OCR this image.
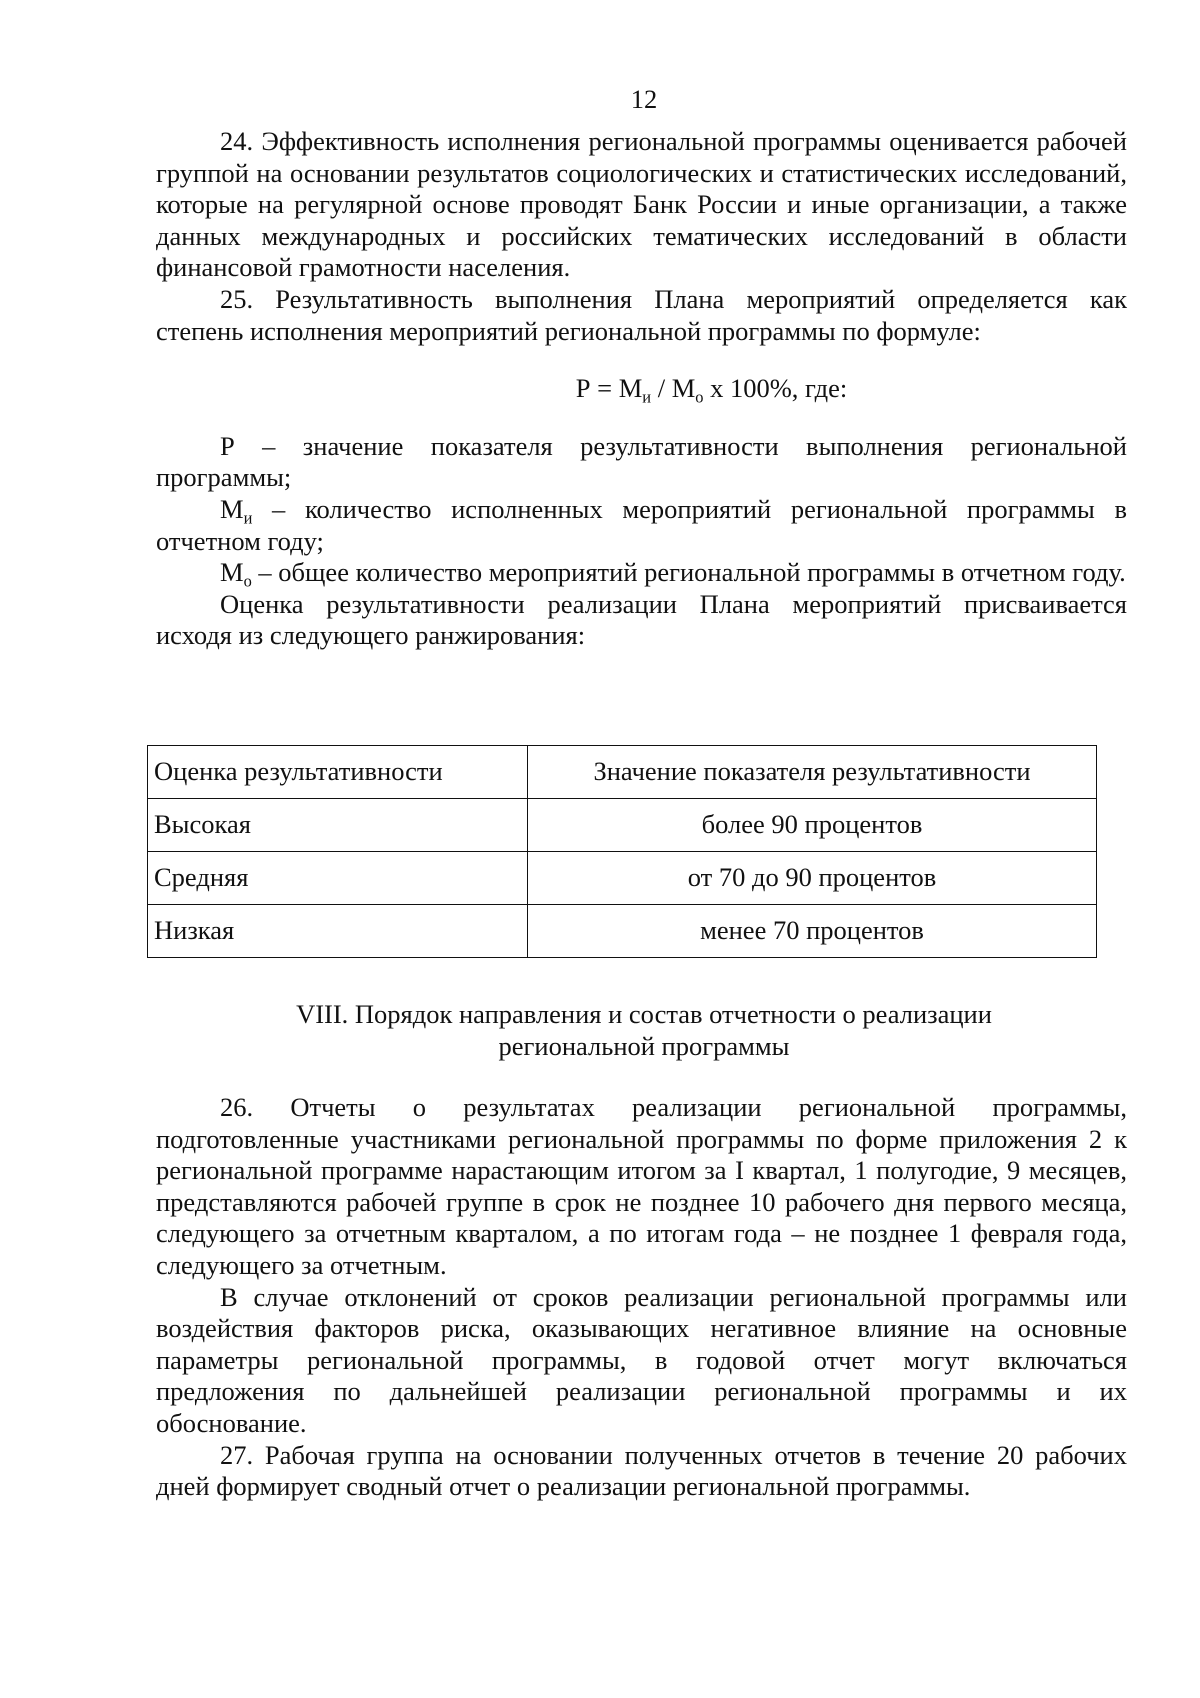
12

24. Эффективность исполнения региональной программы оценивается рабочей группой на основании результатов социологических и статистических исследований, которые на регулярной основе проводят Банк России и иные организации, а также данных международных и российских тематических исследований в области финансовой грамотности населения.

25. Результативность выполнения Плана мероприятий определяется как степень исполнения мероприятий региональной программы по формуле:

$Р = М_и / М_о$ х 100%, где:

Р – значение показателя результативности выполнения региональной программы;

$М_и$ – количество исполненных мероприятий региональной программы в отчетном году;

$М_о$ – общее количество мероприятий региональной программы в отчетном году.

Оценка результативности реализации Плана мероприятий присваивается исходя из следующего ранжирования:

Оценка результативности	Значение показателя результативности
Высокая	более 90 процентов
Средняя	от 70 до 90 процентов
Низкая	менее 70 процентов
VIII. Порядок направления и состав отчетности о реализации
региональной программы

26. Отчеты о результатах реализации региональной программы, подготовленные участниками региональной программы по форме приложения 2 к региональной программе нарастающим итогом за I квартал, 1 полугодие, 9 месяцев, представляются рабочей группе в срок не позднее 10 рабочего дня первого месяца, следующего за отчетным кварталом, а по итогам года – не позднее 1 февраля года, следующего за отчетным.

В случае отклонений от сроков реализации региональной программы или воздействия факторов риска, оказывающих негативное влияние на основные параметры региональной программы, в годовой отчет могут включаться предложения по дальнейшей реализации региональной программы и их обоснование.

27. Рабочая группа на основании полученных отчетов в течение 20 рабочих дней формирует сводный отчет о реализации региональной программы.
